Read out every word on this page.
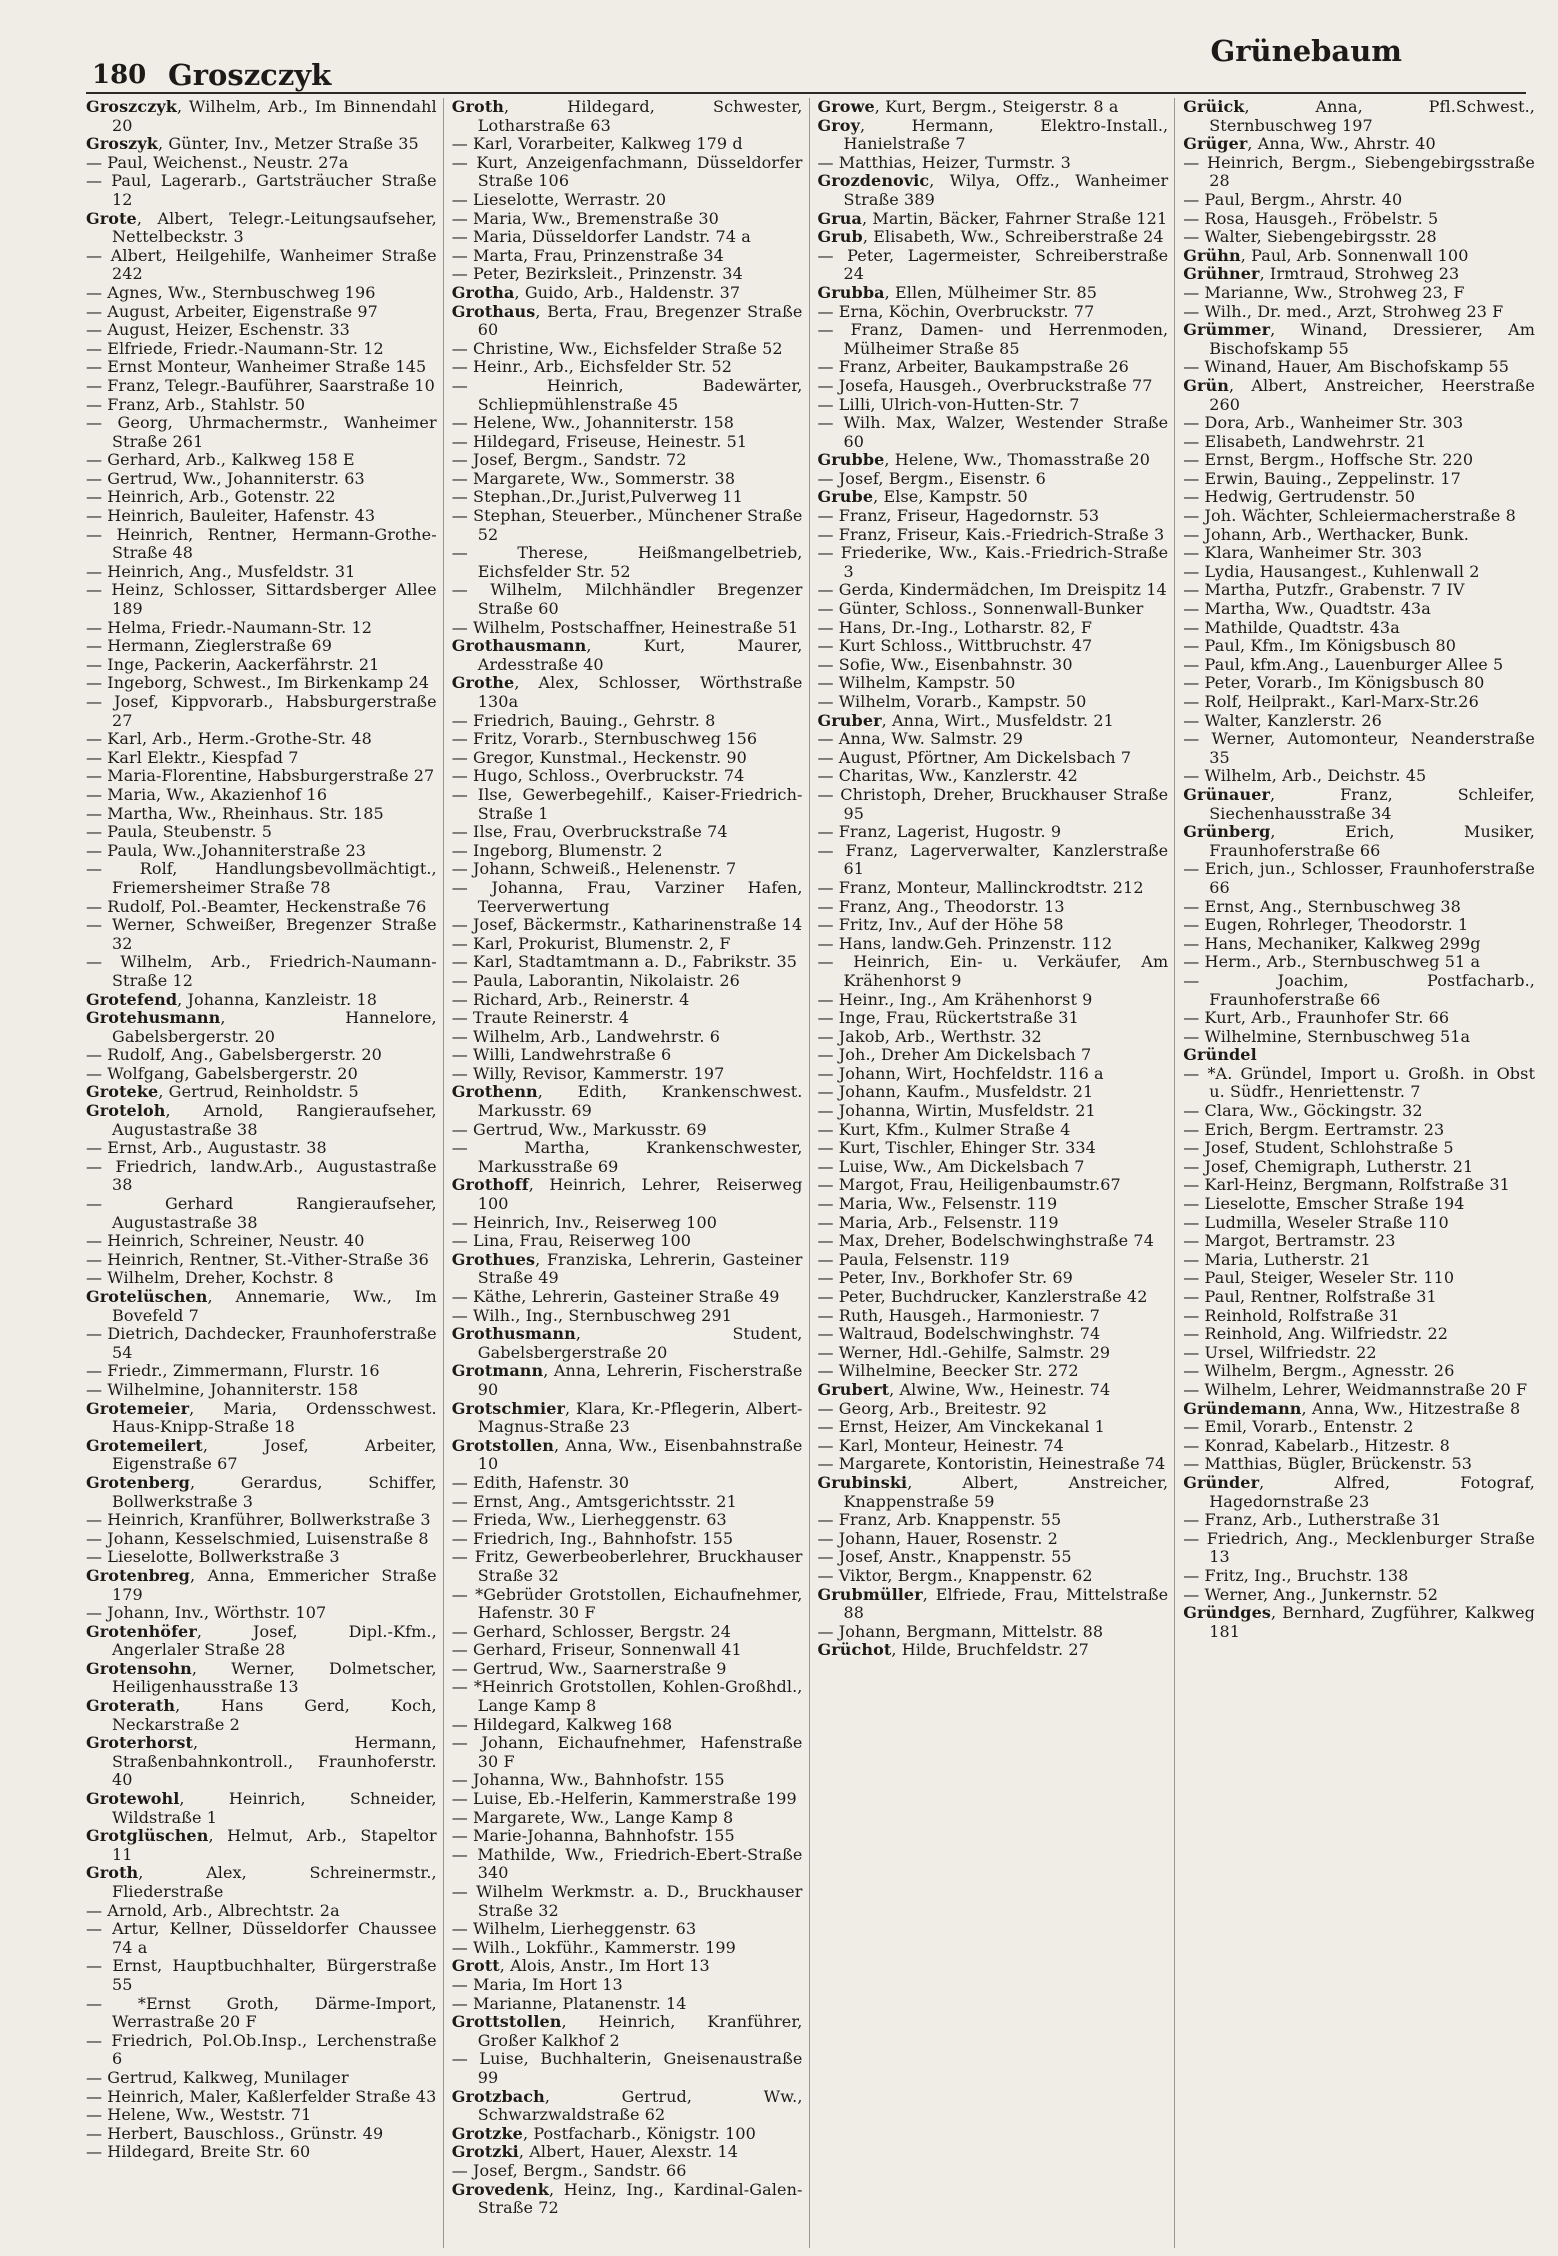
180 Groszczyk
Grünebaum
Groszczyk, Wilhelm, Arb., Im Binnendahl 20
Groszyk, Günter, Inv., Metzer Straße 35
— Paul, Weichenst., Neustr. 27a
— Paul, Lagerarb., Gartsträucher Straße 12
Grote, Albert, Telegr.-Leitungsaufseher, Nettelbeckstr. 3
— Albert, Heilgehilfe, Wanheimer Straße 242
— Agnes, Ww., Sternbuschweg 196
— August, Arbeiter, Eigenstraße 97
— August, Heizer, Eschenstr. 33
— Elfriede, Friedr.-Naumann-Str. 12
— Ernst Monteur, Wanheimer Straße 145
— Franz, Telegr.-Bauführer, Saarstraße 10
— Franz, Arb., Stahlstr. 50
— Georg, Uhrmachermstr., Wanheimer Straße 261
— Gerhard, Arb., Kalkweg 158 E
— Gertrud, Ww., Johanniterstr. 63
— Heinrich, Arb., Gotenstr. 22
— Heinrich, Bauleiter, Hafenstr. 43
— Heinrich, Rentner, Hermann-Grothe-Straße 48
— Heinrich, Ang., Musfeldstr. 31
— Heinz, Schlosser, Sittardsberger Allee 189
— Helma, Friedr.-Naumann-Str. 12
— Hermann, Zieglerstraße 69
— Inge, Packerin, Aackerfährstr. 21
— Ingeborg, Schwest., Im Birkenkamp 24
— Josef, Kippvorarb., Habsburgerstraße 27
— Karl, Arb., Herm.-Grothe-Str. 48
— Karl Elektr., Kiespfad 7
— Maria-Florentine, Habsburgerstraße 27
— Maria, Ww., Akazienhof 16
— Martha, Ww., Rheinhaus. Str. 185
— Paula, Steubenstr. 5
— Paula, Ww.,Johanniterstraße 23
— Rolf, Handlungsbevollmächtigt., Friemersheimer Straße 78
— Rudolf, Pol.-Beamter, Heckenstraße 76
— Werner, Schweißer, Bregenzer Straße 32
— Wilhelm, Arb., Friedrich-Naumann-Straße 12
Grotefend, Johanna, Kanzleistr. 18
Grotehusmann, Hannelore, Gabelsbergerstr. 20
— Rudolf, Ang., Gabelsbergerstr. 20
— Wolfgang, Gabelsbergerstr. 20
Groteke, Gertrud, Reinholdstr. 5
Groteloh, Arnold, Rangieraufseher, Augustastraße 38
— Ernst, Arb., Augustastr. 38
— Friedrich, landw.Arb., Augustastraße 38
— Gerhard Rangieraufseher, Augustastraße 38
— Heinrich, Schreiner, Neustr. 40
— Heinrich, Rentner, St.-Vither-Straße 36
— Wilhelm, Dreher, Kochstr. 8
Grotelüschen, Annemarie, Ww., Im Bovefeld 7
— Dietrich, Dachdecker, Fraunhoferstraße 54
— Friedr., Zimmermann, Flurstr. 16
— Wilhelmine, Johanniterstr. 158
Grotemeier, Maria, Ordensschwest. Haus-Knipp-Straße 18
Grotemeilert, Josef, Arbeiter, Eigenstraße 67
Grotenberg, Gerardus, Schiffer, Bollwerkstraße 3
— Heinrich, Kranführer, Bollwerkstraße 3
— Johann, Kesselschmied, Luisenstraße 8
— Lieselotte, Bollwerkstraße 3
Grotenbreg, Anna, Emmericher Straße 179
— Johann, Inv., Wörthstr. 107
Grotenhöfer, Josef, Dipl.-Kfm., Angerlaler Straße 28
Grotensohn, Werner, Dolmetscher, Heiligenhausstraße 13
Groterath, Hans Gerd, Koch, Neckarstraße 2
Groterhorst, Hermann, Straßenbahnkontroll., Fraunhoferstr. 40
Grotewohl, Heinrich, Schneider, Wildstraße 1
Grotglüschen, Helmut, Arb., Stapeltor 11
Groth, Alex, Schreinermstr., Fliederstraße
— Arnold, Arb., Albrechtstr. 2a
— Artur, Kellner, Düsseldorfer Chaussee 74 a
— Ernst, Hauptbuchhalter, Bürgerstraße 55
— *Ernst Groth, Därme-Import, Werrastraße 20 F
— Friedrich, Pol.Ob.Insp., Lerchenstraße 6
— Gertrud, Kalkweg, Munilager
— Heinrich, Maler, Kaßlerfelder Straße 43
— Helene, Ww., Weststr. 71
— Herbert, Bauschloss., Grünstr. 49
— Hildegard, Breite Str. 60
Groth, Hildegard, Schwester, Lotharstraße 63
— Karl, Vorarbeiter, Kalkweg 179 d
— Kurt, Anzeigenfachmann, Düsseldorfer Straße 106
— Lieselotte, Werrastr. 20
— Maria, Ww., Bremenstraße 30
— Maria, Düsseldorfer Landstr. 74 a
— Marta, Frau, Prinzenstraße 34
— Peter, Bezirksleit., Prinzenstr. 34
Grotha, Guido, Arb., Haldenstr. 37
Grothaus, Berta, Frau, Bregenzer Straße 60
— Christine, Ww., Eichsfelder Straße 52
— Heinr., Arb., Eichsfelder Str. 52
— Heinrich, Badewärter, Schliepmühlenstraße 45
— Helene, Ww., Johanniterstr. 158
— Hildegard, Friseuse, Heinestr. 51
— Josef, Bergm., Sandstr. 72
— Margarete, Ww., Sommerstr. 38
— Stephan.,Dr.,Jurist,Pulverweg 11
— Stephan, Steuerber., Münchener Straße 52
— Therese, Heißmangelbetrieb, Eichsfelder Str. 52
— Wilhelm, Milchhändler Bregenzer Straße 60
— Wilhelm, Postschaffner, Heinestraße 51
Grothausmann, Kurt, Maurer, Ardesstraße 40
Grothe, Alex, Schlosser, Wörthstraße 130a
— Friedrich, Bauing., Gehrstr. 8
— Fritz, Vorarb., Sternbuschweg 156
— Gregor, Kunstmal., Heckenstr. 90
— Hugo, Schloss., Overbruckstr. 74
— Ilse, Gewerbegehilf., Kaiser-Friedrich-Straße 1
— Ilse, Frau, Overbruckstraße 74
— Ingeborg, Blumenstr. 2
— Johann, Schweiß., Helenenstr. 7
— Johanna, Frau, Varziner Hafen, Teerverwertung
— Josef, Bäckermstr., Katharinenstraße 14
— Karl, Prokurist, Blumenstr. 2, F
— Karl, Stadtamtmann a. D., Fabrikstr. 35
— Paula, Laborantin, Nikolaistr. 26
— Richard, Arb., Reinerstr. 4
— Traute Reinerstr. 4
— Wilhelm, Arb., Landwehrstr. 6
— Willi, Landwehrstraße 6
— Willy, Revisor, Kammerstr. 197
Grothenn, Edith, Krankenschwest. Markusstr. 69
— Gertrud, Ww., Markusstr. 69
— Martha, Krankenschwester, Markusstraße 69
Grothoff, Heinrich, Lehrer, Reiserweg 100
— Heinrich, Inv., Reiserweg 100
— Lina, Frau, Reiserweg 100
Grothues, Franziska, Lehrerin, Gasteiner Straße 49
— Käthe, Lehrerin, Gasteiner Straße 49
— Wilh., Ing., Sternbuschweg 291
Grothusmann, Student, Gabelsbergerstraße 20
Grotmann, Anna, Lehrerin, Fischerstraße 90
Grotschmier, Klara, Kr.-Pflegerin, Albert-Magnus-Straße 23
Grotstollen, Anna, Ww., Eisenbahnstraße 10
— Edith, Hafenstr. 30
— Ernst, Ang., Amtsgerichtsstr. 21
— Frieda, Ww., Lierheggenstr. 63
— Friedrich, Ing., Bahnhofstr. 155
— Fritz, Gewerbeoberlehrer, Bruckhauser Straße 32
— *Gebrüder Grotstollen, Eichaufnehmer, Hafenstr. 30 F
— Gerhard, Schlosser, Bergstr. 24
— Gerhard, Friseur, Sonnenwall 41
— Gertrud, Ww., Saarnerstraße 9
— *Heinrich Grotstollen, Kohlen-Großhdl., Lange Kamp 8
— Hildegard, Kalkweg 168
— Johann, Eichaufnehmer, Hafenstraße 30 F
— Johanna, Ww., Bahnhofstr. 155
— Luise, Eb.-Helferin, Kammerstraße 199
— Margarete, Ww., Lange Kamp 8
— Marie-Johanna, Bahnhofstr. 155
— Mathilde, Ww., Friedrich-Ebert-Straße 340
— Wilhelm Werkmstr. a. D., Bruckhauser Straße 32
— Wilhelm, Lierheggenstr. 63
— Wilh., Lokführ., Kammerstr. 199
Grott, Alois, Anstr., Im Hort 13
— Maria, Im Hort 13
— Marianne, Platanenstr. 14
Grottstollen, Heinrich, Kranführer, Großer Kalkhof 2
— Luise, Buchhalterin, Gneisenaustraße 99
Grotzbach, Gertrud, Ww., Schwarzwaldstraße 62
Grotzke, Postfacharb., Königstr. 100
Grotzki, Albert, Hauer, Alexstr. 14
— Josef, Bergm., Sandstr. 66
Grovedenk, Heinz, Ing., Kardinal-Galen-Straße 72
Growe, Kurt, Bergm., Steigerstr. 8 a
Groy, Hermann, Elektro-Install., Hanielstraße 7
— Matthias, Heizer, Turmstr. 3
Grozdenovic, Wilya, Offz., Wanheimer Straße 389
Grua, Martin, Bäcker, Fahrner Straße 121
Grub, Elisabeth, Ww., Schreiberstraße 24
— Peter, Lagermeister, Schreiberstraße 24
Grubba, Ellen, Mülheimer Str. 85
— Erna, Köchin, Overbruckstr. 77
— Franz, Damen- und Herrenmoden, Mülheimer Straße 85
— Franz, Arbeiter, Baukampstraße 26
— Josefa, Hausgeh., Overbruckstraße 77
— Lilli, Ulrich-von-Hutten-Str. 7
— Wilh. Max, Walzer, Westender Straße 60
Grubbe, Helene, Ww., Thomasstraße 20
— Josef, Bergm., Eisenstr. 6
Grube, Else, Kampstr. 50
— Franz, Friseur, Hagedornstr. 53
— Franz, Friseur, Kais.-Friedrich-Straße 3
— Friederike, Ww., Kais.-Friedrich-Straße 3
— Gerda, Kindermädchen, Im Dreispitz 14
— Günter, Schloss., Sonnenwall-Bunker
— Hans, Dr.-Ing., Lotharstr. 82, F
— Kurt Schloss., Wittbruchstr. 47
— Sofie, Ww., Eisenbahnstr. 30
— Wilhelm, Kampstr. 50
— Wilhelm, Vorarb., Kampstr. 50
Gruber, Anna, Wirt., Musfeldstr. 21
— Anna, Ww. Salmstr. 29
— August, Pförtner, Am Dickelsbach 7
— Charitas, Ww., Kanzlerstr. 42
— Christoph, Dreher, Bruckhauser Straße 95
— Franz, Lagerist, Hugostr. 9
— Franz, Lagerverwalter, Kanzlerstraße 61
— Franz, Monteur, Mallinckrodtstr. 212
— Franz, Ang., Theodorstr. 13
— Fritz, Inv., Auf der Höhe 58
— Hans, landw.Geh. Prinzenstr. 112
— Heinrich, Ein- u. Verkäufer, Am Krähenhorst 9
— Heinr., Ing., Am Krähenhorst 9
— Inge, Frau, Rückertstraße 31
— Jakob, Arb., Werthstr. 32
— Joh., Dreher Am Dickelsbach 7
— Johann, Wirt, Hochfeldstr. 116 a
— Johann, Kaufm., Musfeldstr. 21
— Johanna, Wirtin, Musfeldstr. 21
— Kurt, Kfm., Kulmer Straße 4
— Kurt, Tischler, Ehinger Str. 334
— Luise, Ww., Am Dickelsbach 7
— Margot, Frau, Heiligenbaumstr.67
— Maria, Ww., Felsenstr. 119
— Maria, Arb., Felsenstr. 119
— Max, Dreher, Bodelschwinghstraße 74
— Paula, Felsenstr. 119
— Peter, Inv., Borkhofer Str. 69
— Peter, Buchdrucker, Kanzlerstraße 42
— Ruth, Hausgeh., Harmoniestr. 7
— Waltraud, Bodelschwinghstr. 74
— Werner, Hdl.-Gehilfe, Salmstr. 29
— Wilhelmine, Beecker Str. 272
Grubert, Alwine, Ww., Heinestr. 74
— Georg, Arb., Breitestr. 92
— Ernst, Heizer, Am Vinckekanal 1
— Karl, Monteur, Heinestr. 74
— Margarete, Kontoristin, Heinestraße 74
Grubinski, Albert, Anstreicher, Knappenstraße 59
— Franz, Arb. Knappenstr. 55
— Johann, Hauer, Rosenstr. 2
— Josef, Anstr., Knappenstr. 55
— Viktor, Bergm., Knappenstr. 62
Grubmüller, Elfriede, Frau, Mittelstraße 88
— Johann, Bergmann, Mittelstr. 88
Grüchot, Hilde, Bruchfeldstr. 27
Grüick, Anna, Pfl.Schwest., Sternbuschweg 197
Grüger, Anna, Ww., Ahrstr. 40
— Heinrich, Bergm., Siebengebirgsstraße 28
— Paul, Bergm., Ahrstr. 40
— Rosa, Hausgeh., Fröbelstr. 5
— Walter, Siebengebirgsstr. 28
Grühn, Paul, Arb. Sonnenwall 100
Grühner, Irmtraud, Strohweg 23
— Marianne, Ww., Strohweg 23, F
— Wilh., Dr. med., Arzt, Strohweg 23 F
Grümmer, Winand, Dressierer, Am Bischofskamp 55
— Winand, Hauer, Am Bischofskamp 55
Grün, Albert, Anstreicher, Heerstraße 260
— Dora, Arb., Wanheimer Str. 303
— Elisabeth, Landwehrstr. 21
— Ernst, Bergm., Hoffsche Str. 220
— Erwin, Bauing., Zeppelinstr. 17
— Hedwig, Gertrudenstr. 50
— Joh. Wächter, Schleiermacherstraße 8
— Johann, Arb., Werthacker, Bunk.
— Klara, Wanheimer Str. 303
— Lydia, Hausangest., Kuhlenwall 2
— Martha, Putzfr., Grabenstr. 7 IV
— Martha, Ww., Quadtstr. 43a
— Mathilde, Quadtstr. 43a
— Paul, Kfm., Im Königsbusch 80
— Paul, kfm.Ang., Lauenburger Allee 5
— Peter, Vorarb., Im Königsbusch 80
— Rolf, Heilprakt., Karl-Marx-Str.26
— Walter, Kanzlerstr. 26
— Werner, Automonteur, Neanderstraße 35
— Wilhelm, Arb., Deichstr. 45
Grünauer, Franz, Schleifer, Siechenhausstraße 34
Grünberg, Erich, Musiker, Fraunhoferstraße 66
— Erich, jun., Schlosser, Fraunhoferstraße 66
— Ernst, Ang., Sternbuschweg 38
— Eugen, Rohrleger, Theodorstr. 1
— Hans, Mechaniker, Kalkweg 299g
— Herm., Arb., Sternbuschweg 51 a
— Joachim, Postfacharb., Fraunhoferstraße 66
— Kurt, Arb., Fraunhofer Str. 66
— Wilhelmine, Sternbuschweg 51a
Gründel
— *A. Gründel, Import u. Großh. in Obst u. Südfr., Henriettenstr. 7
— Clara, Ww., Göckingstr. 32
— Erich, Bergm. Eertramstr. 23
— Josef, Student, Schlohstraße 5
— Josef, Chemigraph, Lutherstr. 21
— Karl-Heinz, Bergmann, Rolfstraße 31
— Lieselotte, Emscher Straße 194
— Ludmilla, Weseler Straße 110
— Margot, Bertramstr. 23
— Maria, Lutherstr. 21
— Paul, Steiger, Weseler Str. 110
— Paul, Rentner, Rolfstraße 31
— Reinhold, Rolfstraße 31
— Reinhold, Ang. Wilfriedstr. 22
— Ursel, Wilfriedstr. 22
— Wilhelm, Bergm., Agnesstr. 26
— Wilhelm, Lehrer, Weidmannstraße 20 F
Gründemann, Anna, Ww., Hitzestraße 8
— Emil, Vorarb., Entenstr. 2
— Konrad, Kabelarb., Hitzestr. 8
— Matthias, Bügler, Brückenstr. 53
Gründer, Alfred, Fotograf, Hagedornstraße 23
— Franz, Arb., Lutherstraße 31
— Friedrich, Ang., Mecklenburger Straße 13
— Fritz, Ing., Bruchstr. 138
— Werner, Ang., Junkernstr. 52
Gründges, Bernhard, Zugführer, Kalkweg 181
